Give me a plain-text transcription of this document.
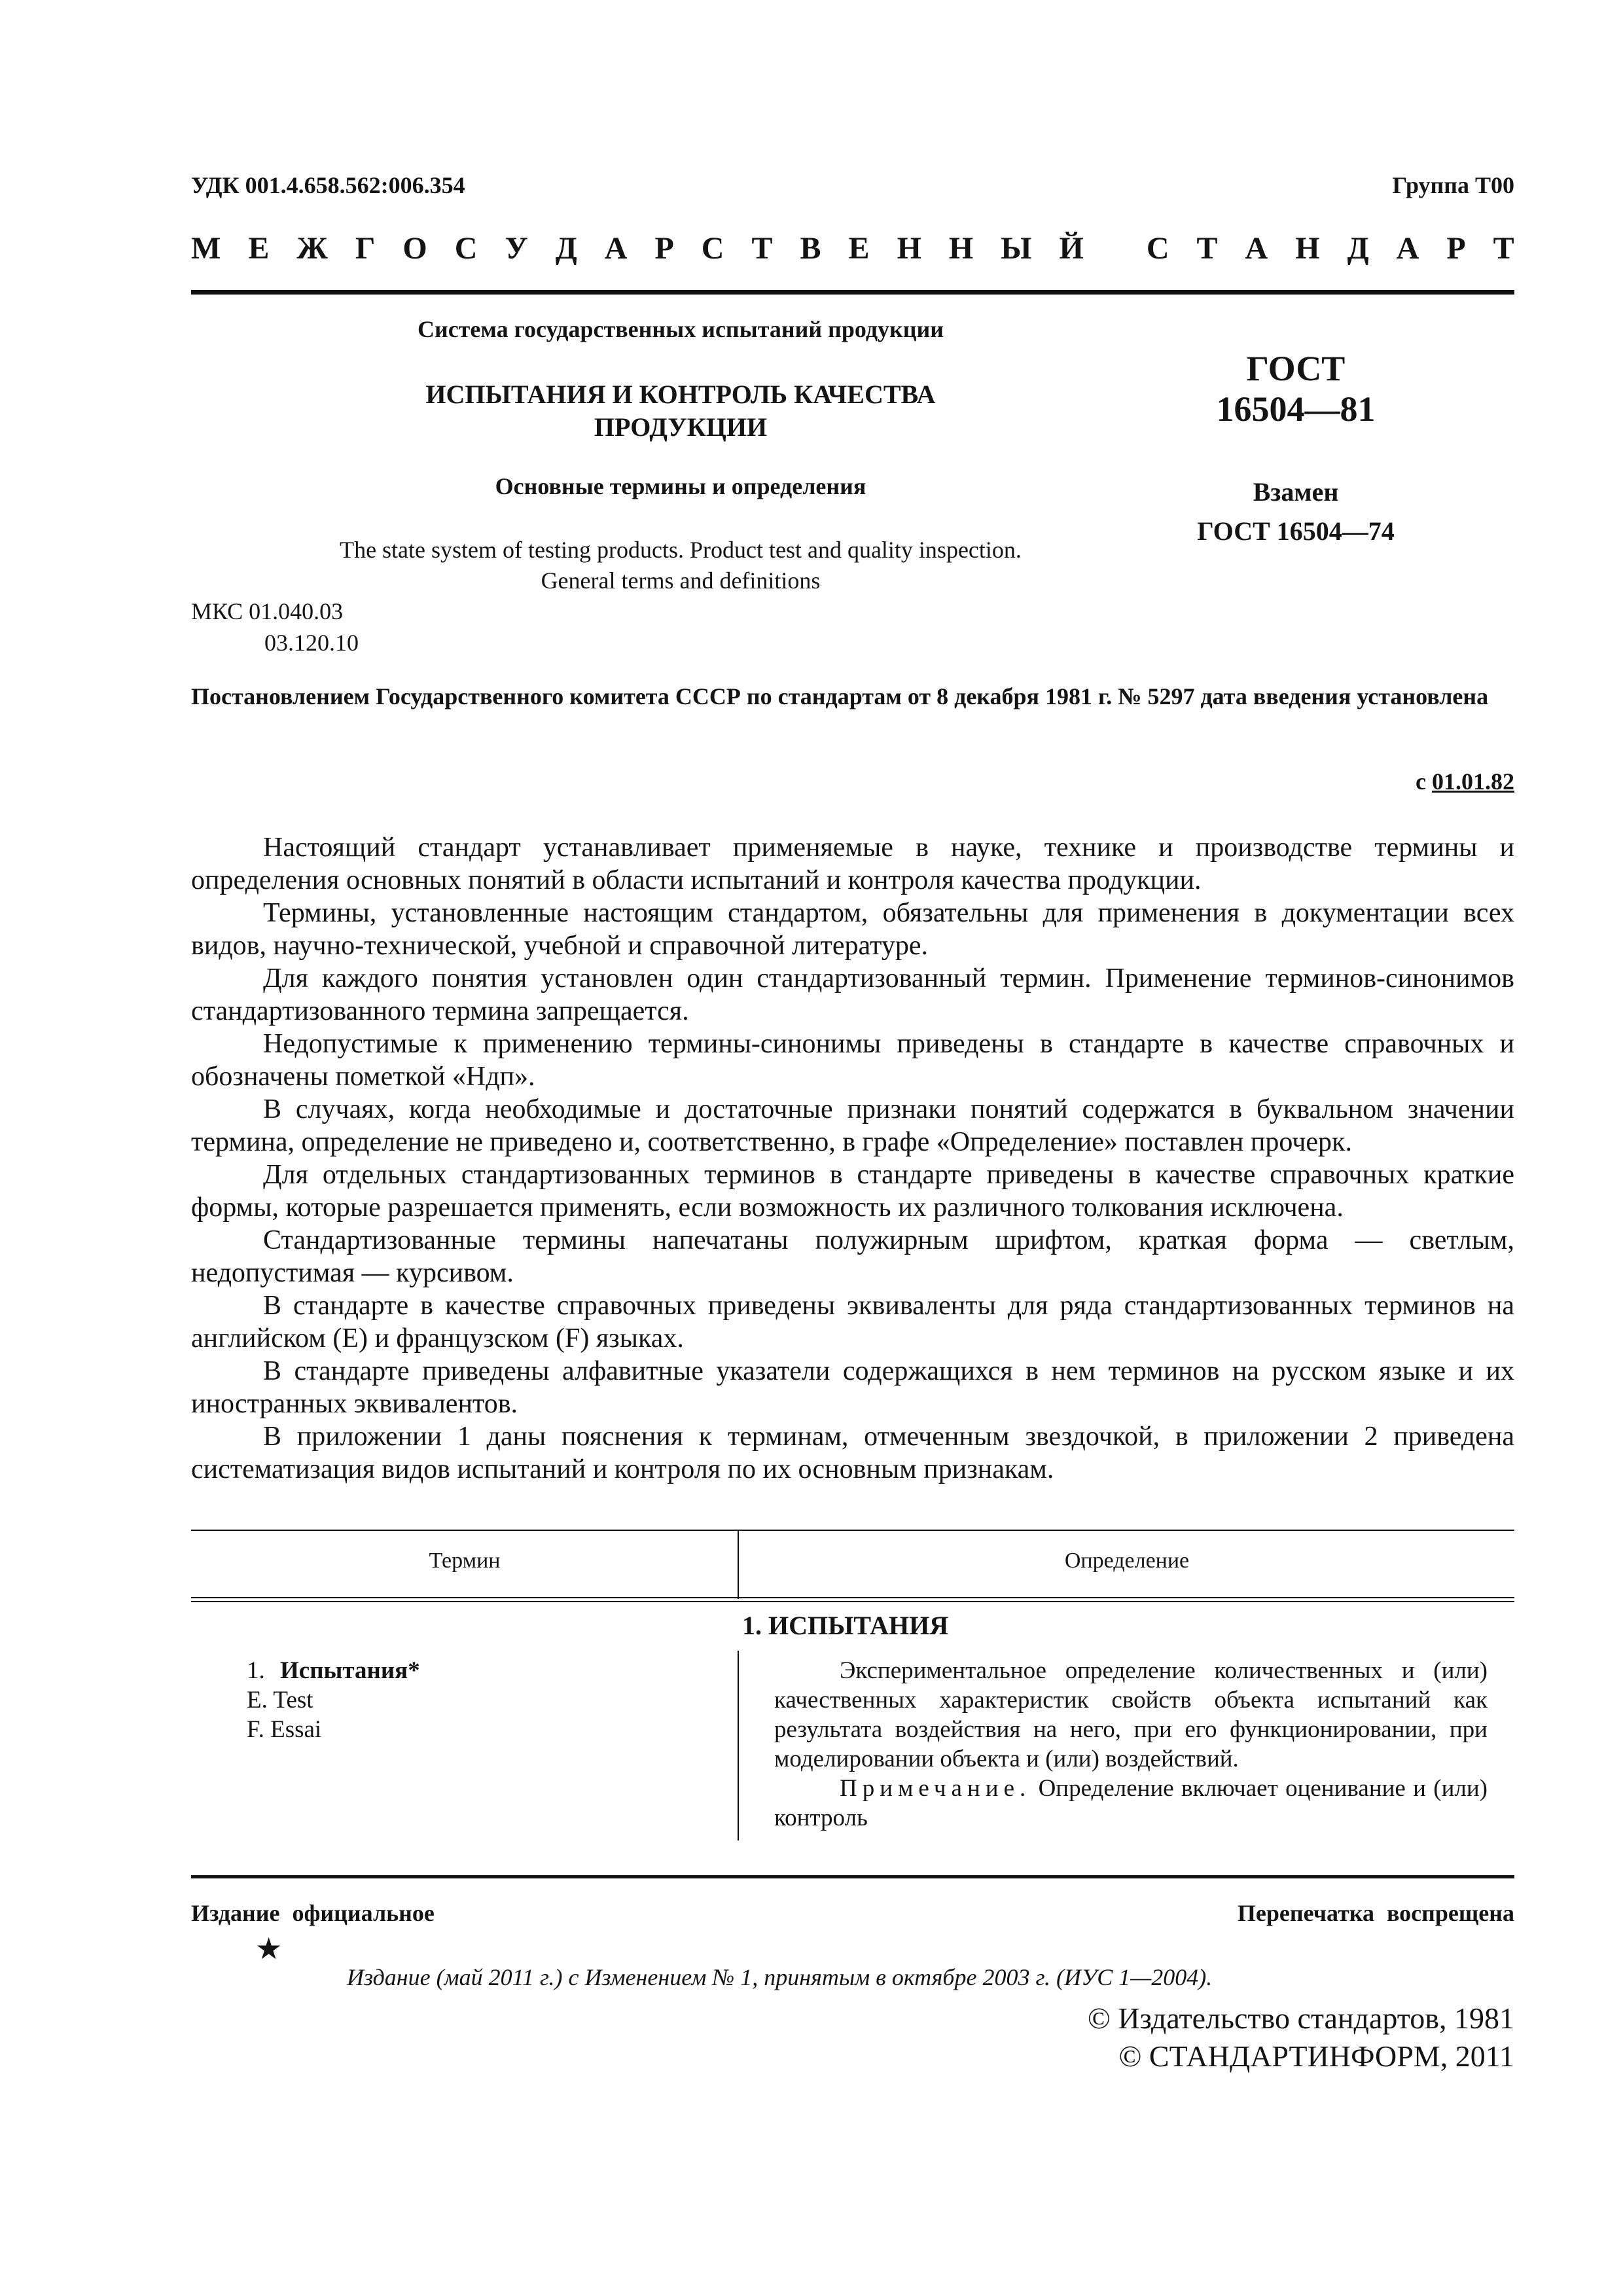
УДК 001.4.658.562:006.354	Группа Т00
М Е Ж Г О С У Д А Р С Т В Е Н Н Ы Й
С Т А Н Д А Р Т
Система государственных испытаний продукции
ИСПЫТАНИЯ И КОНТРОЛЬ КАЧЕСТВА
ПРОДУКЦИИ
Основные термины и определения
The state system of testing products. Product test and quality inspection.
General terms and definitions
МКС 01.040.03
03.120.10
ГОСТ
16504—81
Взамен
ГОСТ 16504—74
Постановлением Государственного комитета СССР по стандартам от 8 декабря 1981 г. № 5297 дата введения установлена
с 01.01.82

Настоящий стандарт устанавливает применяемые в науке, технике и производстве термины и определения основных понятий в области испытаний и контроля качества продукции.

Термины, установленные настоящим стандартом, обязательны для применения в документации всех видов, научно-технической, учебной и справочной литературе.

Для каждого понятия установлен один стандартизованный термин. Применение терминов-синонимов стандартизованного термина запрещается.

Недопустимые к применению термины-синонимы приведены в стандарте в качестве справочных и обозначены пометкой «Ндп».

В случаях, когда необходимые и достаточные признаки понятий содержатся в буквальном значении термина, определение не приведено и, соответственно, в графе «Определение» поставлен прочерк.

Для отдельных стандартизованных терминов в стандарте приведены в качестве справочных краткие формы, которые разрешается применять, если возможность их различного толкования исключена.

Стандартизованные термины напечатаны полужирным шрифтом, краткая форма — светлым, недопустимая — курсивом.

В стандарте в качестве справочных приведены эквиваленты для ряда стандартизованных терминов на английском (E) и французском (F) языках.

В стандарте приведены алфавитные указатели содержащихся в нем терминов на русском языке и их иностранных эквивалентов.

В приложении 1 даны пояснения к терминам, отмеченным звездочкой, в приложении 2 приведена систематизация видов испытаний и контроля по их основным признакам.

Термин	Определение
1. ИСПЫТАНИЯ
1. Испытания*
E. Test
F. Essai

Экспериментальное определение количественных и (или) качественных характеристик свойств объекта испытаний как результата воздействия на него, при его функционировании, при моделировании объекта и (или) воздействий.

Примечание. Определение включает оценивание и (или) контроль

Издание официальное	Перепечатка воспрещена
★
Издание (май 2011 г.) с Изменением № 1, принятым в октябре 2003 г. (ИУС 1—2004).
© Издательство стандартов, 1981
© СТАНДАРТИНФОРМ, 2011
